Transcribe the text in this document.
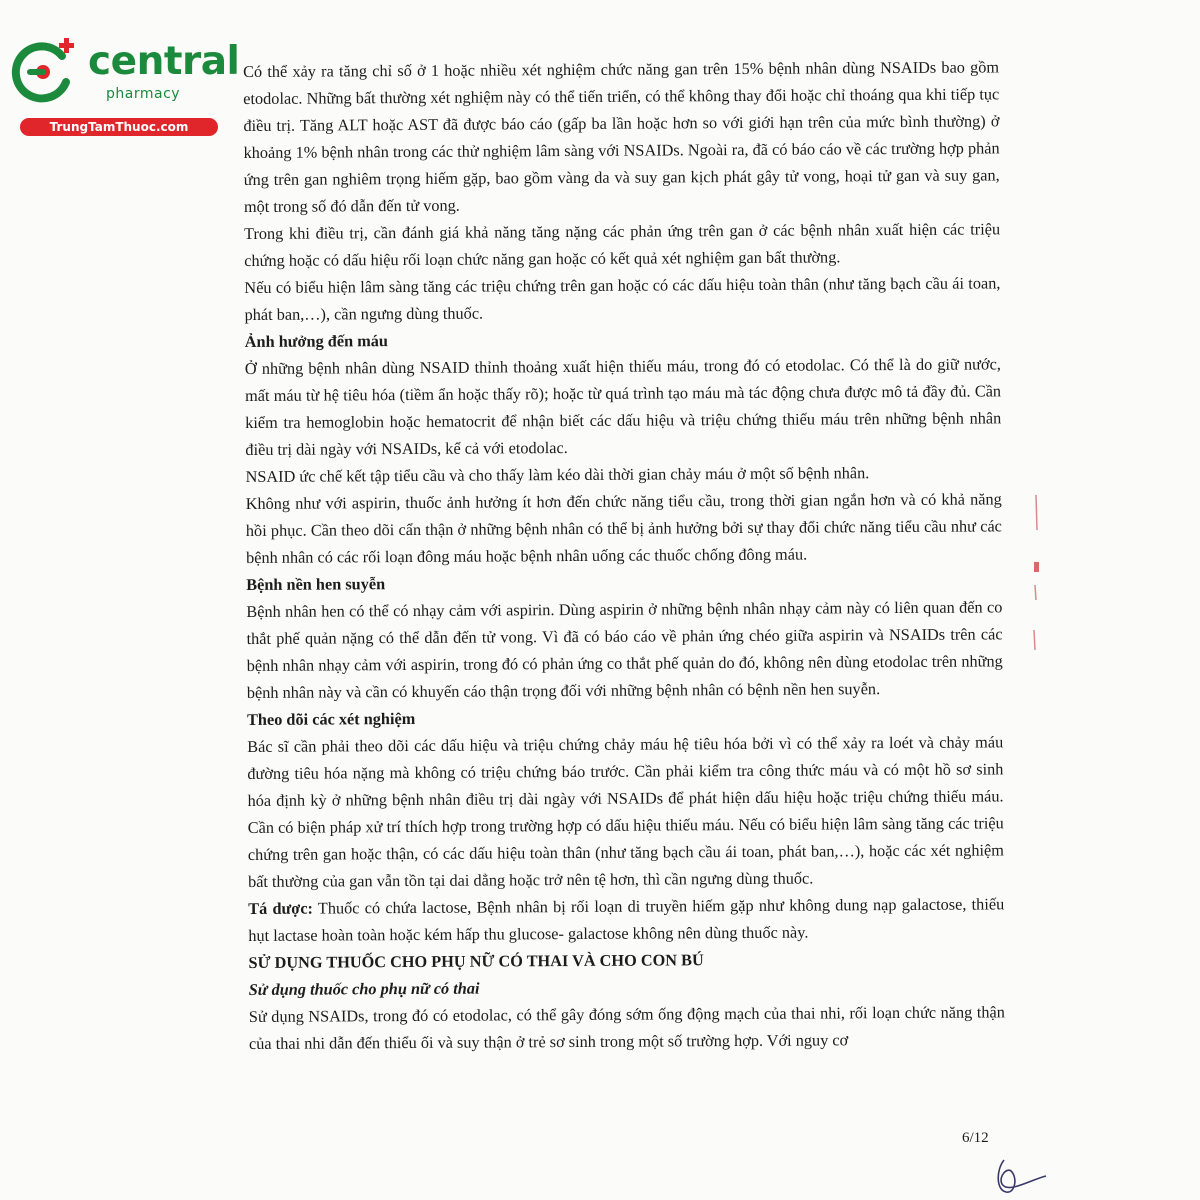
central
pharmacy
TrungTamThuoc.com

Có thể xảy ra tăng chỉ số ở 1 hoặc nhiều xét nghiệm chức năng gan trên 15% bệnh nhân dùng NSAIDs bao gồm etodolac. Những bất thường xét nghiệm này có thể tiến triển, có thể không thay đổi hoặc chỉ thoáng qua khi tiếp tục điều trị. Tăng ALT hoặc AST đã được báo cáo (gấp ba lần hoặc hơn so với giới hạn trên của mức bình thường) ở khoảng 1% bệnh nhân trong các thử nghiệm lâm sàng với NSAIDs. Ngoài ra, đã có báo cáo về các trường hợp phản ứng trên gan nghiêm trọng hiếm gặp, bao gồm vàng da và suy gan kịch phát gây tử vong, hoại tử gan và suy gan, một trong số đó dẫn đến tử vong.

Trong khi điều trị, cần đánh giá khả năng tăng nặng các phản ứng trên gan ở các bệnh nhân xuất hiện các triệu chứng hoặc có dấu hiệu rối loạn chức năng gan hoặc có kết quả xét nghiệm gan bất thường.

Nếu có biểu hiện lâm sàng tăng các triệu chứng trên gan hoặc có các dấu hiệu toàn thân (như tăng bạch cầu ái toan, phát ban,…), cần ngưng dùng thuốc.

Ảnh hưởng đến máu

Ở những bệnh nhân dùng NSAID thỉnh thoảng xuất hiện thiếu máu, trong đó có etodolac. Có thể là do giữ nước, mất máu từ hệ tiêu hóa (tiềm ẩn hoặc thấy rõ); hoặc từ quá trình tạo máu mà tác động chưa được mô tả đầy đủ. Cần kiểm tra hemoglobin hoặc hematocrit để nhận biết các dấu hiệu và triệu chứng thiếu máu trên những bệnh nhân điều trị dài ngày với NSAIDs, kể cả với etodolac.

NSAID ức chế kết tập tiểu cầu và cho thấy làm kéo dài thời gian chảy máu ở một số bệnh nhân.

Không như với aspirin, thuốc ảnh hưởng ít hơn đến chức năng tiểu cầu, trong thời gian ngắn hơn và có khả năng hồi phục. Cần theo dõi cẩn thận ở những bệnh nhân có thể bị ảnh hưởng bởi sự thay đổi chức năng tiểu cầu như các bệnh nhân có các rối loạn đông máu hoặc bệnh nhân uống các thuốc chống đông máu.

Bệnh nền hen suyễn

Bệnh nhân hen có thể có nhạy cảm với aspirin. Dùng aspirin ở những bệnh nhân nhạy cảm này có liên quan đến co thắt phế quản nặng có thể dẫn đến tử vong. Vì đã có báo cáo về phản ứng chéo giữa aspirin và NSAIDs trên các bệnh nhân nhạy cảm với aspirin, trong đó có phản ứng co thắt phế quản do đó, không nên dùng etodolac trên những bệnh nhân này và cần có khuyến cáo thận trọng đối với những bệnh nhân có bệnh nền hen suyễn.

Theo dõi các xét nghiệm

Bác sĩ cần phải theo dõi các dấu hiệu và triệu chứng chảy máu hệ tiêu hóa bởi vì có thể xảy ra loét và chảy máu đường tiêu hóa nặng mà không có triệu chứng báo trước. Cần phải kiểm tra công thức máu và có một hồ sơ sinh hóa định kỳ ở những bệnh nhân điều trị dài ngày với NSAIDs để phát hiện dấu hiệu hoặc triệu chứng thiếu máu. Cần có biện pháp xử trí thích hợp trong trường hợp có dấu hiệu thiếu máu. Nếu có biểu hiện lâm sàng tăng các triệu chứng trên gan hoặc thận, có các dấu hiệu toàn thân (như tăng bạch cầu ái toan, phát ban,…), hoặc các xét nghiệm bất thường của gan vẫn tồn tại dai dẳng hoặc trở nên tệ hơn, thì cần ngưng dùng thuốc.

Tá dược: Thuốc có chứa lactose, Bệnh nhân bị rối loạn di truyền hiếm gặp như không dung nạp galactose, thiếu hụt lactase hoàn toàn hoặc kém hấp thu glucose- galactose không nên dùng thuốc này.

SỬ DỤNG THUỐC CHO PHỤ NỮ CÓ THAI VÀ CHO CON BÚ
Sử dụng thuốc cho phụ nữ có thai

Sử dụng NSAIDs, trong đó có etodolac, có thể gây đóng sớm ống động mạch của thai nhi, rối loạn chức năng thận của thai nhi dẫn đến thiểu ối và suy thận ở trẻ sơ sinh trong một số trường hợp. Với nguy cơ

6/12
